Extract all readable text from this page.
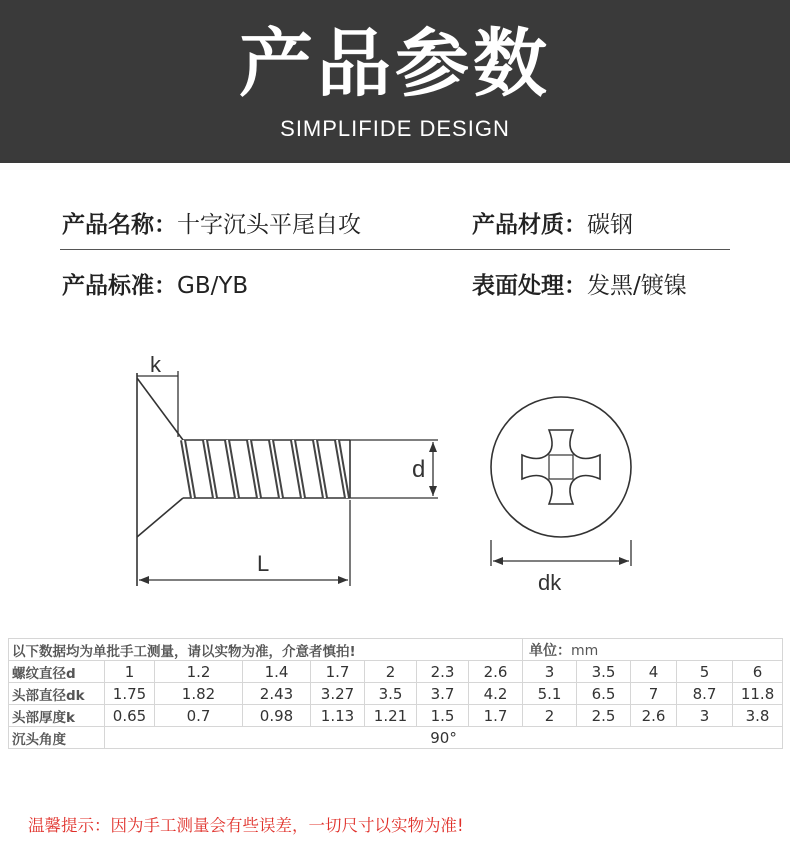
产品参数
SIMPLIFIDE DESIGN
产品名称：十字沉头平尾自攻	产品材质：碳钢
产品标准：GB/YB	表面处理：发黑/镀镍
k
d
L
dk
以下数据均为单批手工测量，请以实物为准，介意者慎拍!								单位：mm				
螺纹直径d	1	1.2	1.4	1.7	2	2.3	2.6	3	3.5	4	5	6
头部直径dk	1.75	1.82	2.43	3.27	3.5	3.7	4.2	5.1	6.5	7	8.7	11.8
头部厚度k	0.65	0.7	0.98	1.13	1.21	1.5	1.7	2	2.5	2.6	3	3.8
沉头角度	90°											
温馨提示：因为手工测量会有些误差，一切尺寸以实物为准!
